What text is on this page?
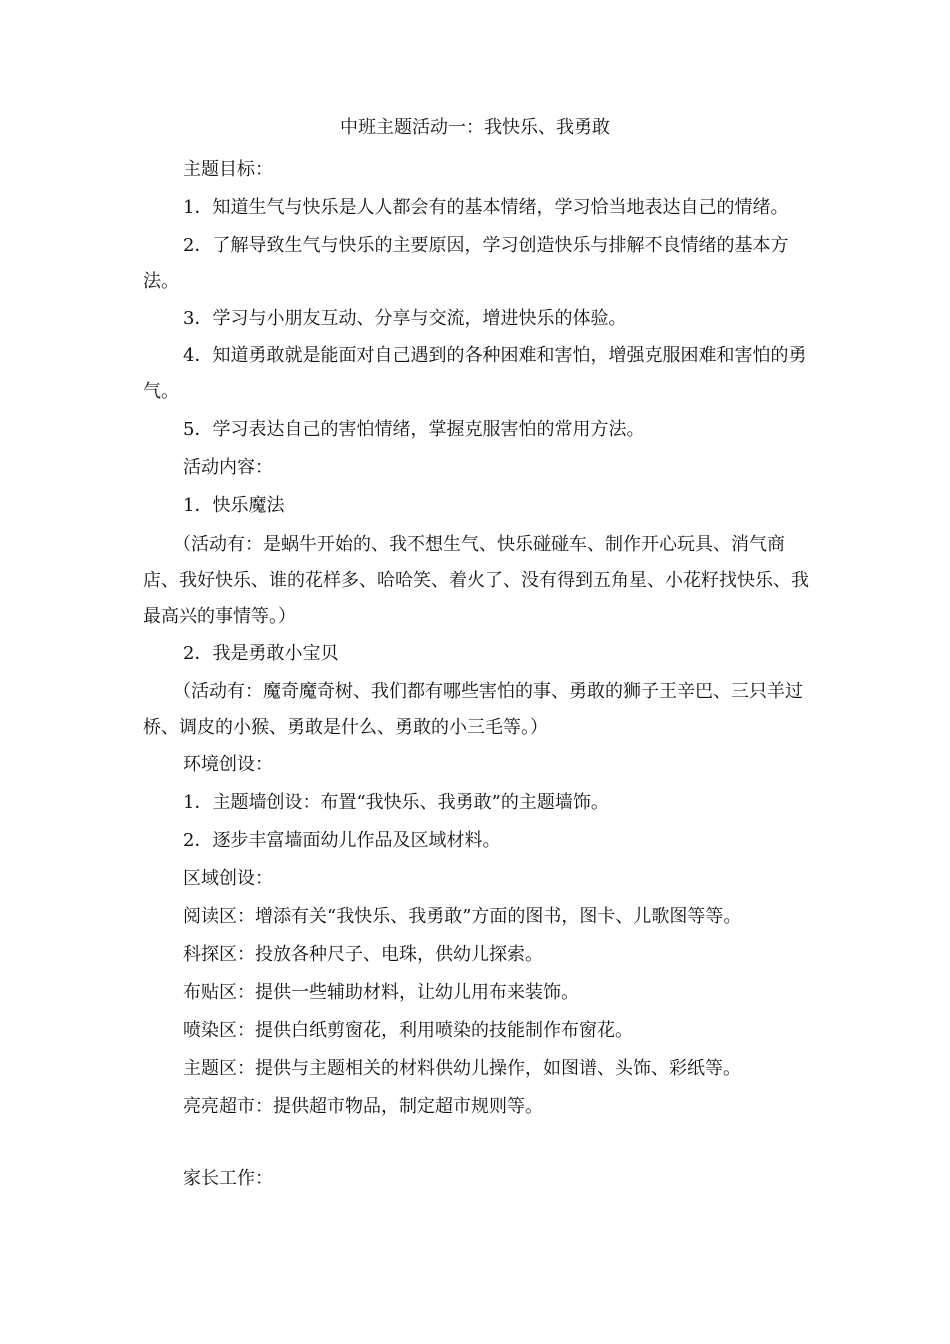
中班主题活动一：我快乐、我勇敢
主题目标：

1．知道生气与快乐是人人都会有的基本情绪，学习恰当地表达自己的情绪。

2．了解导致生气与快乐的主要原因，学习创造快乐与排解不良情绪的基本方法。

3．学习与小朋友互动、分享与交流，增进快乐的体验。

4．知道勇敢就是能面对自己遇到的各种困难和害怕，增强克服困难和害怕的勇气。

5．学习表达自己的害怕情绪，掌握克服害怕的常用方法。

活动内容：
1．快乐魔法

（活动有：是蜗牛开始的、我不想生气、快乐碰碰车、制作开心玩具、消气商店、我好快乐、谁的花样多、哈哈笑、着火了、没有得到五角星、小花籽找快乐、我最高兴的事情等。）

2．我是勇敢小宝贝

（活动有：魔奇魔奇树、我们都有哪些害怕的事、勇敢的狮子王辛巴、三只羊过桥、调皮的小猴、勇敢是什么、勇敢的小三毛等。）

环境创设：
1．主题墙创设：布置“我快乐、我勇敢”的主题墙饰。
2．逐步丰富墙面幼儿作品及区域材料。
区域创设：
阅读区：增添有关“我快乐、我勇敢”方面的图书，图卡、儿歌图等等。
科探区：投放各种尺子、电珠，供幼儿探索。
布贴区：提供一些辅助材料，让幼儿用布来装饰。
喷染区：提供白纸剪窗花，利用喷染的技能制作布窗花。
主题区：提供与主题相关的材料供幼儿操作，如图谱、头饰、彩纸等。
亮亮超市：提供超市物品，制定超市规则等。
家长工作：
